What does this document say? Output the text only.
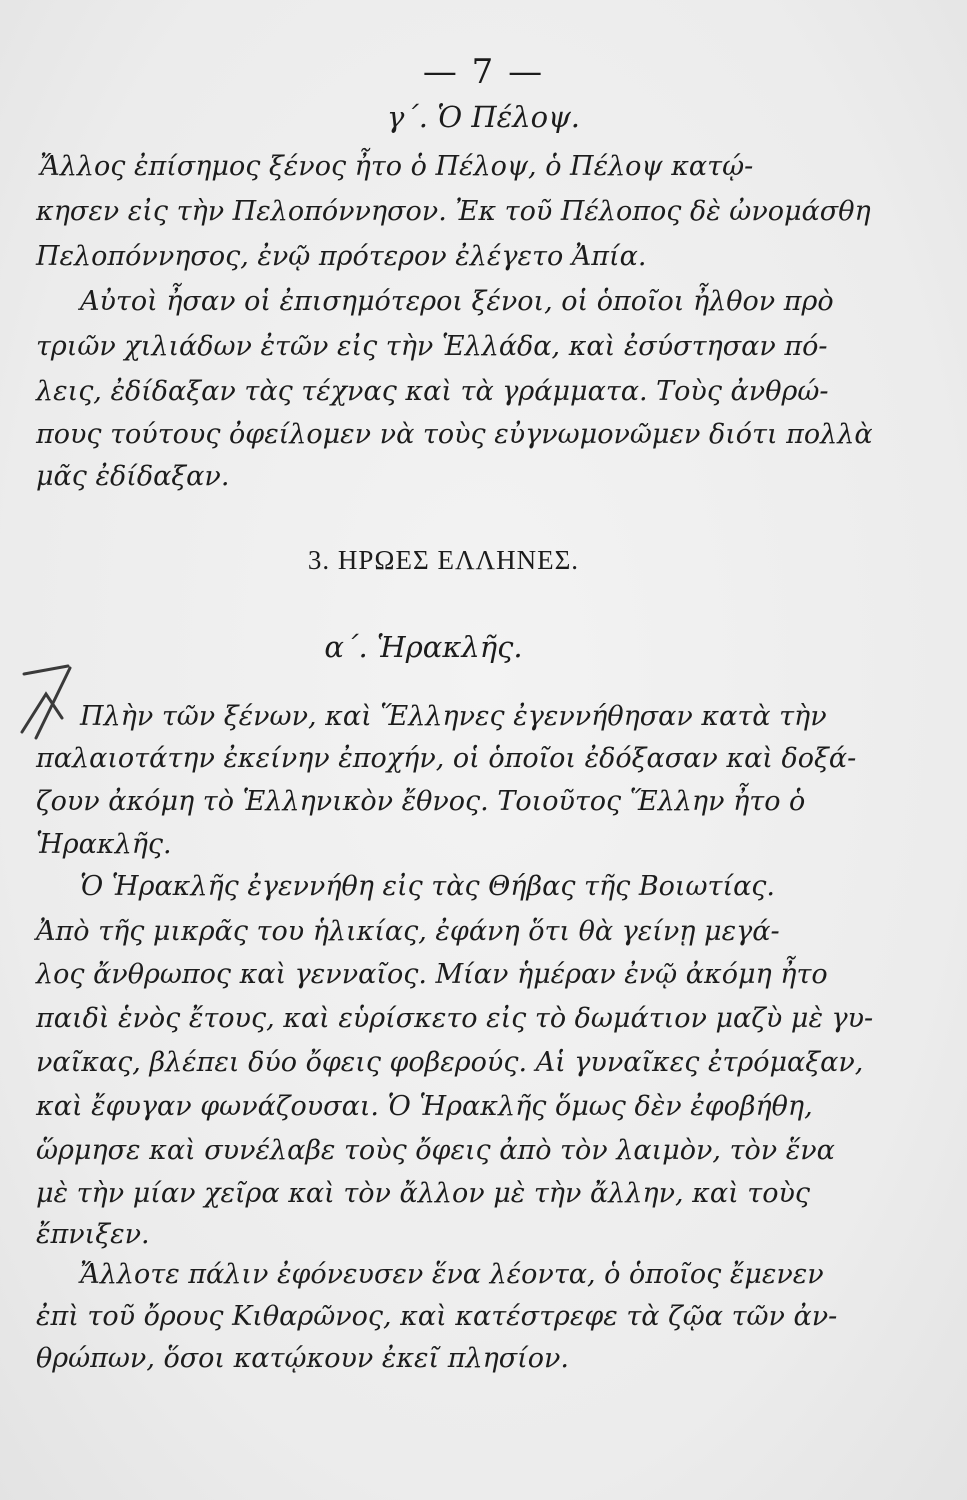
— 7 —
γ΄. Ὁ Πέλοψ.
Ἄλλος ἐπίσημος ξένος ἦτο ὁ Πέλοψ, ὁ Πέλοψ κατῴ-
κησεν εἰς τὴν Πελοπόννησον. Ἐκ τοῦ Πέλοπος δὲ ὠνομάσθη
Πελοπόννησος, ἐνῷ πρότερον ἐλέγετο Ἀπία.
Αὐτοὶ ἦσαν οἱ ἐπισημότεροι ξένοι, οἱ ὁποῖοι ἦλθον πρὸ
τριῶν χιλιάδων ἐτῶν εἰς τὴν Ἑλλάδα, καὶ ἐσύστησαν πό-
λεις, ἐδίδαξαν τὰς τέχνας καὶ τὰ γράμματα. Τοὺς ἀνθρώ-
πους τούτους ὀφείλομεν νὰ τοὺς εὐγνωμονῶμεν διότι πολλὰ
μᾶς ἐδίδαξαν.
3. ΗΡΩΕΣ ΕΛΛΗΝΕΣ.
α΄. Ἡρακλῆς.
Πλὴν τῶν ξένων, καὶ Ἕλληνες ἐγεννήθησαν κατὰ τὴν
παλαιοτάτην ἐκείνην ἐποχήν, οἱ ὁποῖοι ἐδόξασαν καὶ δοξά-
ζουν ἀκόμη τὸ Ἑλληνικὸν ἔθνος. Τοιοῦτος Ἕλλην ἦτο ὁ
Ἡρακλῆς.
Ὁ Ἡρακλῆς ἐγεννήθη εἰς τὰς Θήβας τῆς Βοιωτίας.
Ἀπὸ τῆς μικρᾶς του ἡλικίας, ἐφάνη ὅτι θὰ γείνῃ μεγά-
λος ἄνθρωπος καὶ γενναῖος. Μίαν ἡμέραν ἐνῷ ἀκόμη ἦτο
παιδὶ ἑνὸς ἔτους, καὶ εὑρίσκετο εἰς τὸ δωμάτιον μαζὺ μὲ γυ-
ναῖκας, βλέπει δύο ὄφεις φοβερούς. Αἱ γυναῖκες ἐτρόμαξαν,
καὶ ἔφυγαν φωνάζουσαι. Ὁ Ἡρακλῆς ὅμως δὲν ἐφοβήθη,
ὥρμησε καὶ συνέλαβε τοὺς ὄφεις ἀπὸ τὸν λαιμὸν, τὸν ἕνα
μὲ τὴν μίαν χεῖρα καὶ τὸν ἄλλον μὲ τὴν ἄλλην, καὶ τοὺς
ἔπνιξεν.
Ἄλλοτε πάλιν ἐφόνευσεν ἕνα λέοντα, ὁ ὁποῖος ἔμενεν
ἐπὶ τοῦ ὄρους Κιθαρῶνος, καὶ κατέστρεφε τὰ ζῷα τῶν ἀν-
θρώπων, ὅσοι κατῴκουν ἐκεῖ πλησίον.
